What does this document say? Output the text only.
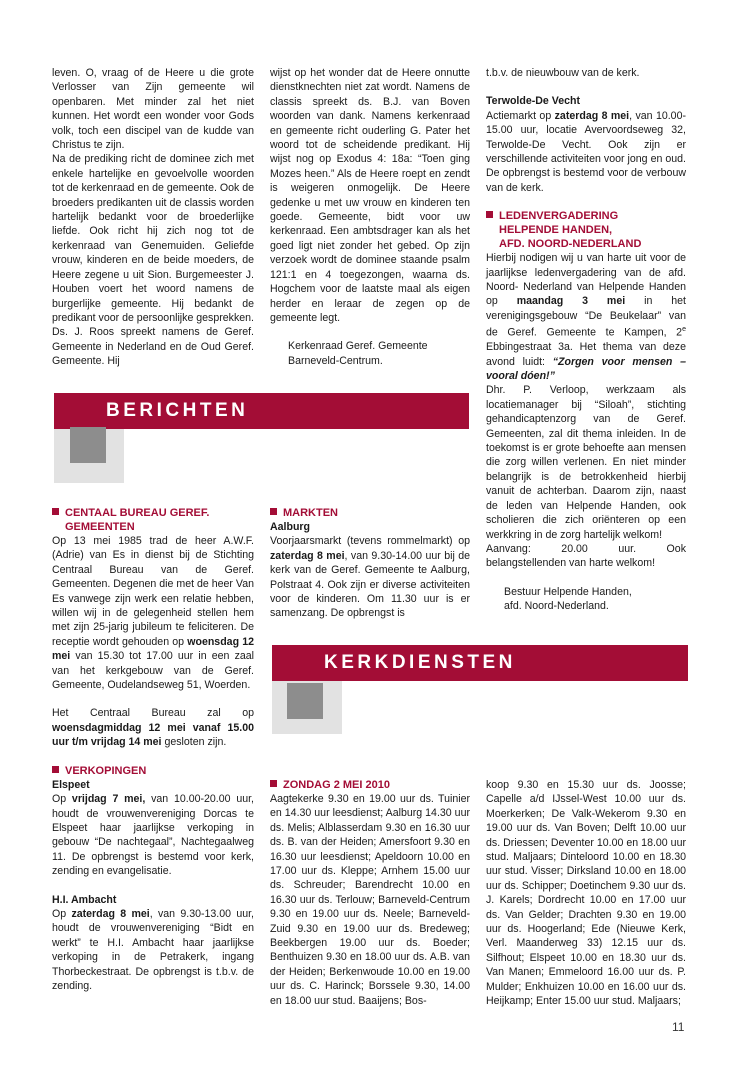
leven. O, vraag of de Heere u die grote Verlosser van Zijn gemeente wil openbaren. Met minder zal het niet kunnen. Het wordt een wonder voor Gods volk, toch een discipel van de kudde van Christus te zijn.

Na de prediking richt de dominee zich met enkele hartelijke en gevoelvolle woorden tot de kerkenraad en de gemeente. Ook de broeders predikanten uit de classis worden hartelijk bedankt voor de broederlijke liefde. Ook richt hij zich nog tot de kerkenraad van Genemuiden. Geliefde vrouw, kinderen en de beide moeders, de Heere zegene u uit Sion. Burgemeester J. Houben voert het woord namens de burgerlijke gemeente. Hij bedankt de predikant voor de persoonlijke gesprekken. Ds. J. Roos spreekt namens de Geref. Gemeente in Nederland en de Oud Geref. Gemeente. Hij

wijst op het wonder dat de Heere onnutte dienstknechten niet zat wordt. Namens de classis spreekt ds. B.J. van Boven woorden van dank. Namens kerkenraad en gemeente richt ouderling G. Pater het woord tot de scheidende predikant. Hij wijst nog op Exodus 4: 18a: “Toen ging Mozes heen.” Als de Heere roept en zendt is weigeren onmogelijk. De Heere gedenke u met uw vrouw en kinderen ten goede. Gemeente, bidt voor uw kerkenraad. Een ambtsdrager kan als het goed ligt niet zonder het gebed. Op zijn verzoek wordt de dominee staande psalm 121:1 en 4 toegezongen, waarna ds. Hogchem voor de laatste maal als eigen herder en leraar de zegen op de gemeente legt.

Kerkenraad Geref. Gemeente Barneveld-Centrum.

BERICHTEN

t.b.v. de nieuwbouw van de kerk.

Terwolde-De Vecht

Actiemarkt op zaterdag 8 mei, van 10.00-15.00 uur, locatie Avervoordseweg 32, Terwolde-De Vecht. Ook zijn er verschillende activiteiten voor jong en oud. De opbrengst is bestemd voor de verbouw van de kerk.

LEDENVERGADERING
HELPENDE HANDEN,
AFD. NOORD-NEDERLAND

Hierbij nodigen wij u van harte uit voor de jaarlijkse ledenvergadering van de afd. Noord- Nederland van Helpende Handen op maandag 3 mei in het verenigingsgebouw “De Beukelaar” van de Geref. Gemeente te Kampen, 2e Ebbingestraat 3a. Het thema van deze avond luidt: “Zorgen voor mensen – vooral dóen!”

Dhr. P. Verloop, werkzaam als locatiemanager bij “Siloah”, stichting gehandicaptenzorg van de Geref. Gemeenten, zal dit thema inleiden. In de toekomst is er grote behoefte aan mensen die zorg willen verlenen. En niet minder belangrijk is de betrokkenheid hierbij vanuit de achterban. Daarom zijn, naast de leden van Helpende Handen, ook scholieren die zich oriënteren op een werkkring in de zorg hartelijk welkom!

Aanvang: 20.00 uur. Ook belangstellenden van harte welkom!

Bestuur Helpende Handen,

afd. Noord-Nederland.

CENTAAL BUREAU GEREF.
GEMEENTEN

Op 13 mei 1985 trad de heer A.W.F. (Adrie) van Es in dienst bij de Stichting Centraal Bureau van de Geref. Gemeenten. Degenen die met de heer Van Es vanwege zijn werk een relatie hebben, willen wij in de gelegenheid stellen hem met zijn 25-jarig jubileum te feliciteren. De receptie wordt gehouden op woensdag 12 mei van 15.30 tot 17.00 uur in een zaal van het kerkgebouw van de Geref. Gemeente, Oudelandseweg 51, Woerden.

Het Centraal Bureau zal op woensdagmiddag 12 mei vanaf 15.00 uur t/m vrijdag 14 mei gesloten zijn.

VERKOPINGEN

Elspeet

Op vrijdag 7 mei, van 10.00-20.00 uur, houdt de vrouwenvereniging Dorcas te Elspeet haar jaarlijkse verkoping in gebouw “De nachtegaal”, Nachtegaalweg 11. De opbrengst is bestemd voor kerk, zending en evangelisatie.

H.I. Ambacht

Op zaterdag 8 mei, van 9.30-13.00 uur, houdt de vrouwenvereniging “Bidt en werkt” te H.I. Ambacht haar jaarlijkse verkoping in de Petrakerk, ingang Thorbeckestraat. De opbrengst is t.b.v. de zending.

MARKTEN

Aalburg

Voorjaarsmarkt (tevens rommelmarkt) op zaterdag 8 mei, van 9.30-14.00 uur bij de kerk van de Geref. Gemeente te Aalburg, Polstraat 4. Ook zijn er diverse activiteiten voor de kinderen. Om 11.30 uur is er samenzang. De opbrengst is

KERKDIENSTEN

ZONDAG 2 MEI 2010

Aagtekerke 9.30 en 19.00 uur ds. Tuinier en 14.30 uur leesdienst; Aalburg 14.30 uur ds. Melis; Alblasserdam 9.30 en 16.30 uur ds. B. van der Heiden; Amersfoort 9.30 en 16.30 uur leesdienst; Apeldoorn 10.00 en 17.00 uur ds. Kleppe; Arnhem 15.00 uur ds. Schreuder; Barendrecht 10.00 en 16.30 uur ds. Terlouw; Barneveld-Centrum 9.30 en 19.00 uur ds. Neele; Barneveld-Zuid 9.30 en 19.00 uur ds. Bredeweg; Beekbergen 19.00 uur ds. Boeder; Benthuizen 9.30 en 18.00 uur ds. A.B. van der Heiden; Berkenwoude 10.00 en 19.00 uur ds. C. Harinck; Borssele 9.30, 14.00 en 18.00 uur stud. Baaijens; Bos-

koop 9.30 en 15.30 uur ds. Joosse; Capelle a/d IJssel-West 10.00 uur ds. Moerkerken; De Valk-Wekerom 9.30 en 19.00 uur ds. Van Boven; Delft 10.00 uur ds. Driessen; Deventer 10.00 en 18.00 uur stud. Maljaars; Dinteloord 10.00 en 18.30 uur stud. Visser; Dirksland 10.00 en 18.00 uur ds. Schipper; Doetinchem 9.30 uur ds. J. Karels; Dordrecht 10.00 en 17.00 uur ds. Van Gelder; Drachten 9.30 en 19.00 uur ds. Hoogerland; Ede (Nieuwe Kerk, Verl. Maanderweg 33) 12.15 uur ds. Silfhout; Elspeet 10.00 en 18.30 uur ds. Van Manen; Emmeloord 16.00 uur ds. P. Mulder; Enkhuizen 10.00 en 16.00 uur ds. Heijkamp; Enter 15.00 uur stud. Maljaars;

11
